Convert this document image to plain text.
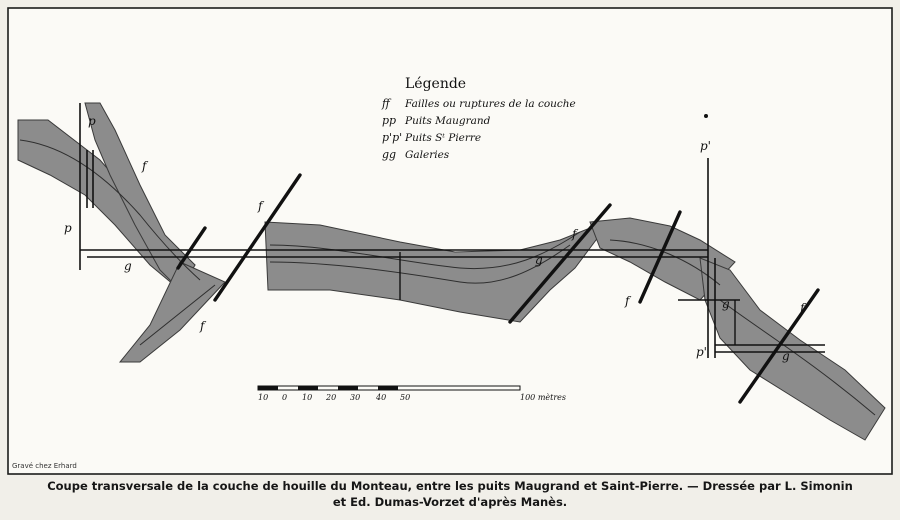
p
p
p'
p'
f
f
f
f
f	f
g	g
g
g
Légende
ff Failles ou ruptures de la couche
pp Puits Maugrand
p'p' Puits Sᵗ Pierre
gg Galeries
10 0 10 20 30 40 50	100 mètres
Gravé chez Erhard
Coupe transversale de la couche de houille du Monteau, entre les puits Maugrand et Saint-Pierre. — Dressée par L. Simonin
et Ed. Dumas-Vorzet d'après Manès.
